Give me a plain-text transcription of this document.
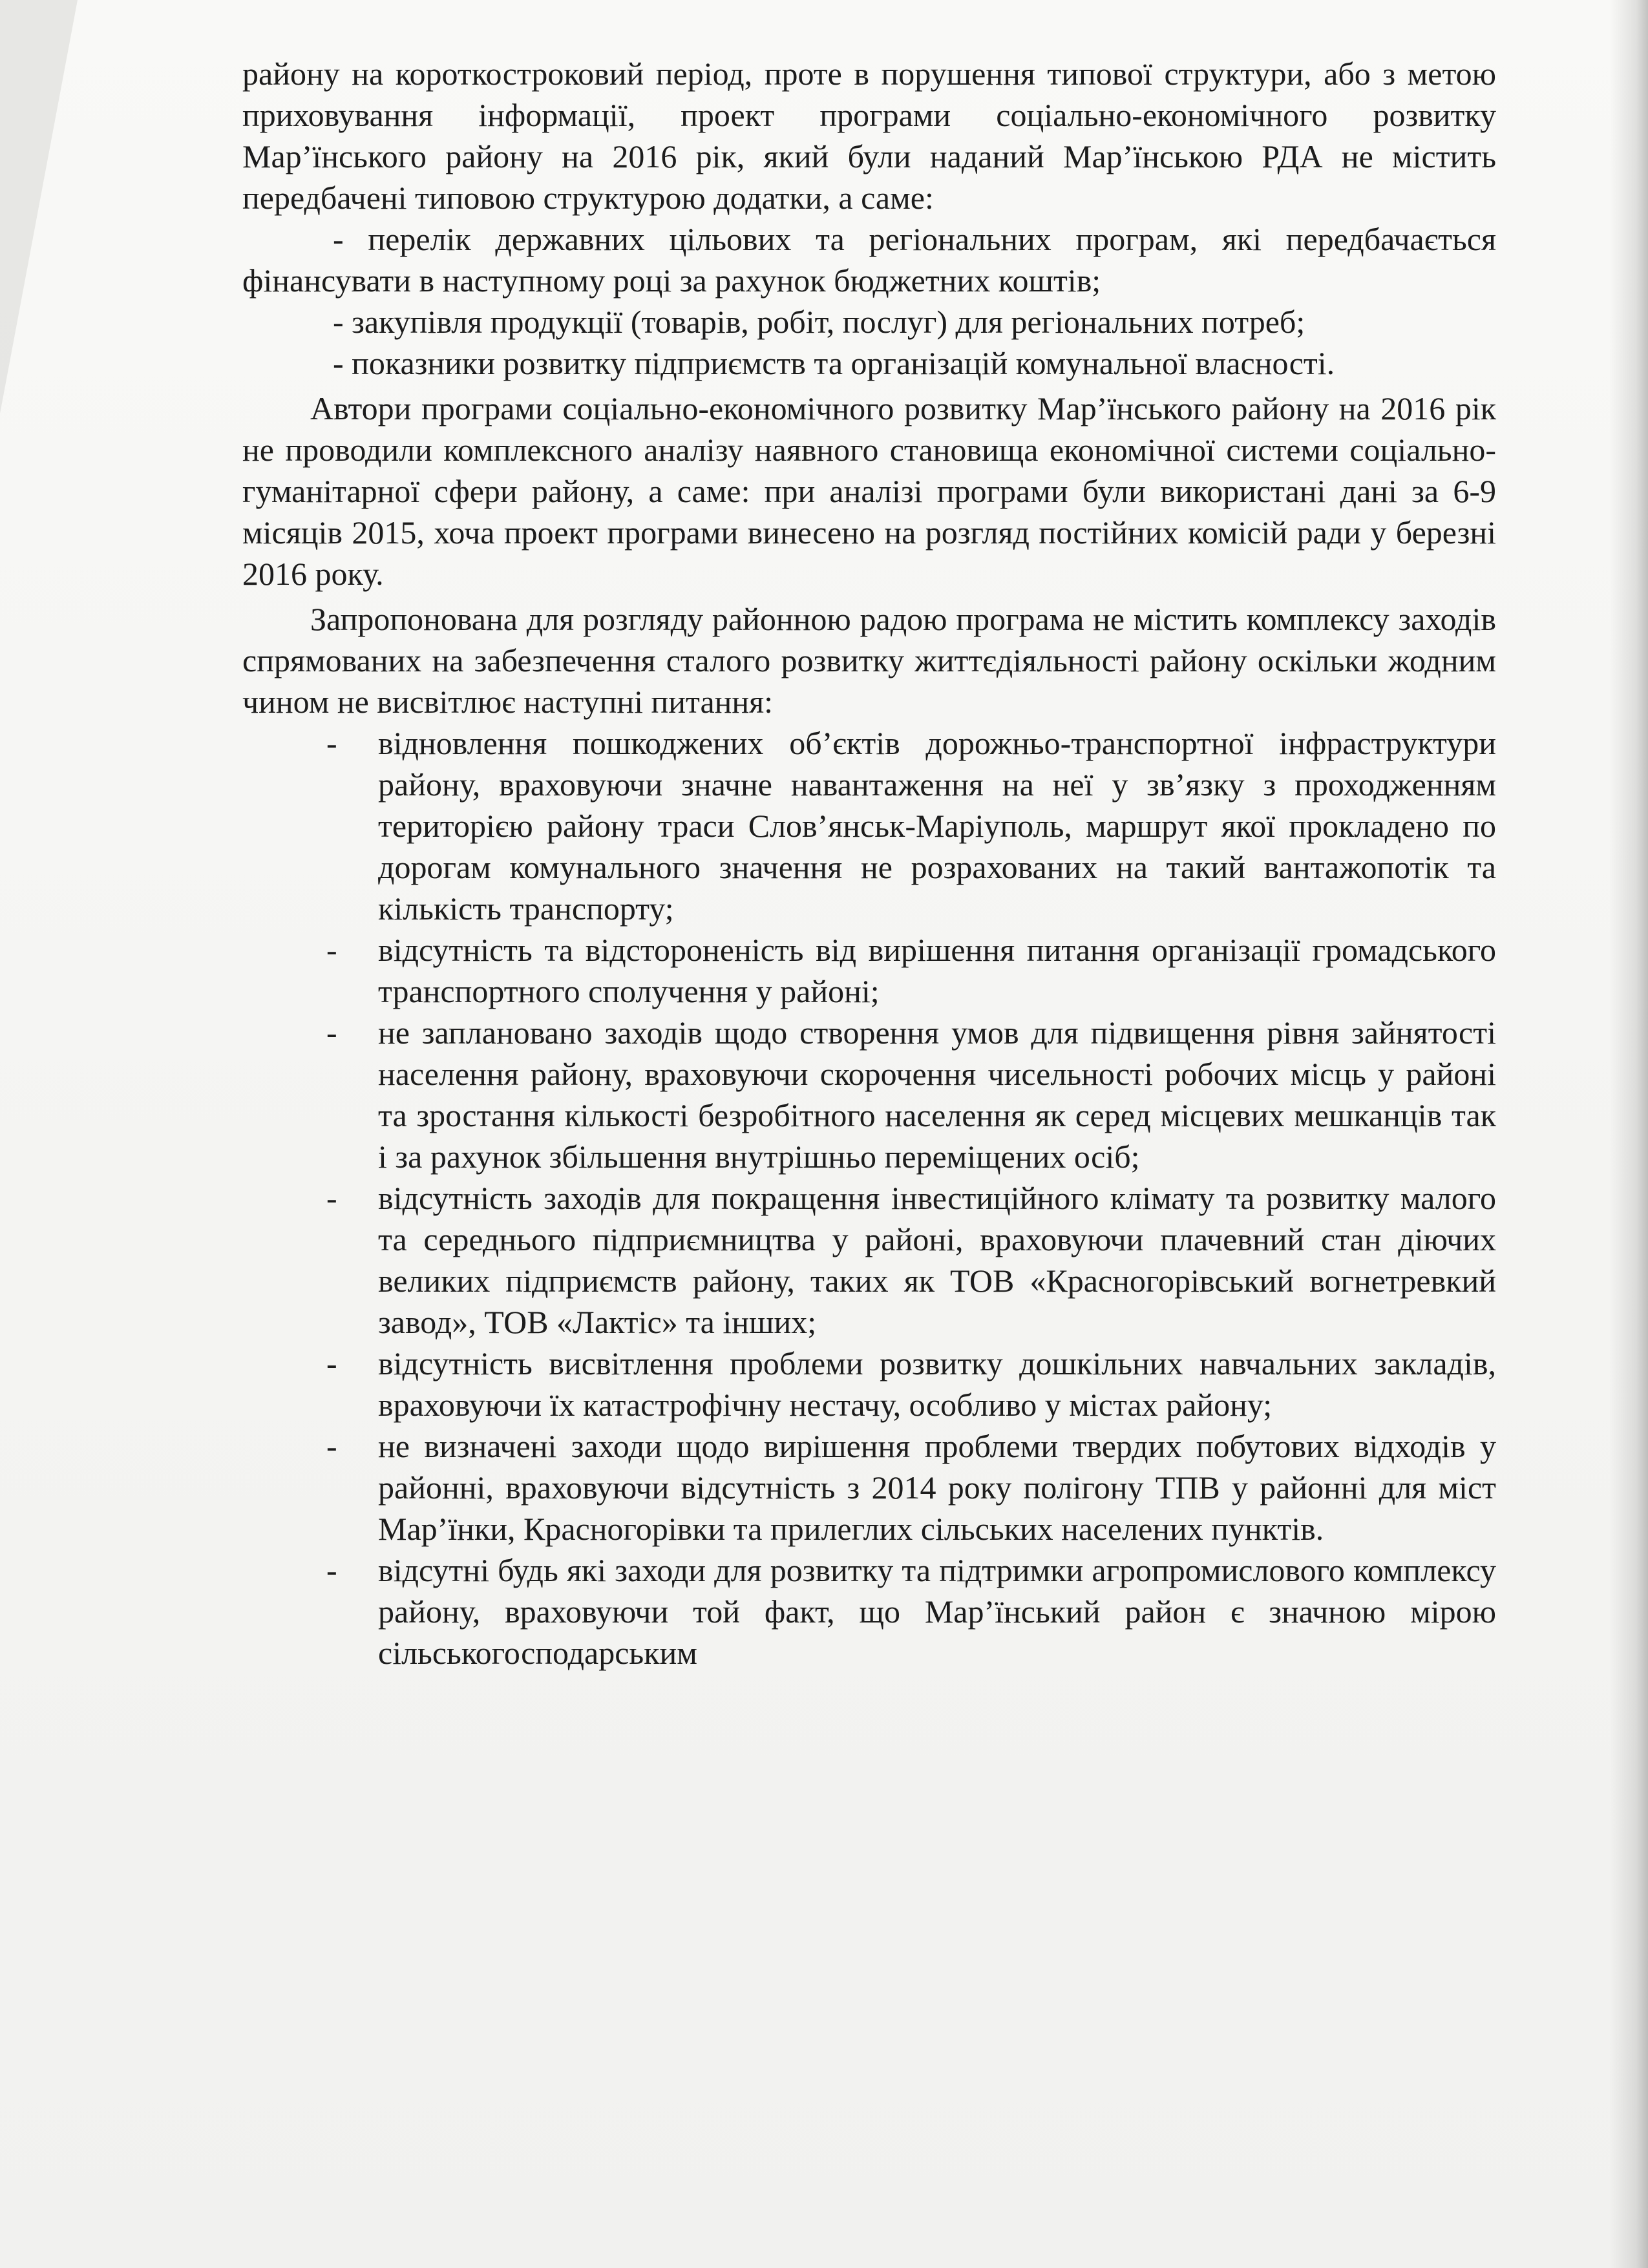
району на короткостроковий період, проте в порушення типової структури, або з метою приховування інформації, проект програми соціально-економічного розвитку Мар’їнського району на 2016 рік, який були наданий Мар’їнською РДА не містить передбачені типовою структурою додатки, а саме:

- перелік державних цільових та регіональних програм, які передбачається фінансувати в наступному році за рахунок бюджетних коштів;

- закупівля продукції (товарів, робіт, послуг) для регіональних потреб;

- показники розвитку підприємств та організацій комунальної власності.

Автори програми соціально-економічного розвитку Мар’їнського району на 2016 рік не проводили комплексного аналізу наявного становища економічної системи соціально-гуманітарної сфери району, а саме: при аналізі програми були використані дані за 6-9 місяців 2015, хоча проект програми винесено на розгляд постійних комісій ради у березні 2016 року.

Запропонована для розгляду районною радою програма не містить комплексу заходів спрямованих на забезпечення сталого розвитку життєдіяльності району оскільки жодним чином не висвітлює наступні питання:

- відновлення пошкоджених об’єктів дорожньо-транспортної інфраструктури району, враховуючи значне навантаження на неї у зв’язку з проходженням територією району траси Слов’янськ-Маріуполь, маршрут якої прокладено по дорогам комунального значення не розрахованих на такий вантажопотік та кількість транспорту;
- відсутність та відстороненість від вирішення питання організації громадського транспортного сполучення у районі;
- не заплановано заходів щодо створення умов для підвищення рівня зайнятості населення району, враховуючи скорочення чисельності робочих місць у районі та зростання кількості безробітного населення як серед місцевих мешканців так і за рахунок збільшення внутрішньо переміщених осіб;
- відсутність заходів для покращення інвестиційного клімату та розвитку малого та середнього підприємництва у районі, враховуючи плачевний стан діючих великих підприємств району, таких як ТОВ «Красногорівський вогнетревкий завод», ТОВ «Лактіс» та інших;
- відсутність висвітлення проблеми розвитку дошкільних навчальних закладів, враховуючи їх катастрофічну нестачу, особливо у містах району;
- не визначені заходи щодо вирішення проблеми твердих побутових відходів у районні, враховуючи відсутність з 2014 року полігону ТПВ у районні для міст Мар’їнки, Красногорівки та прилеглих сільських населених пунктів.
- відсутні будь які заходи для розвитку та підтримки агропромислового комплексу району, враховуючи той факт, що Мар’їнський район є значною мірою сільськогосподарським
